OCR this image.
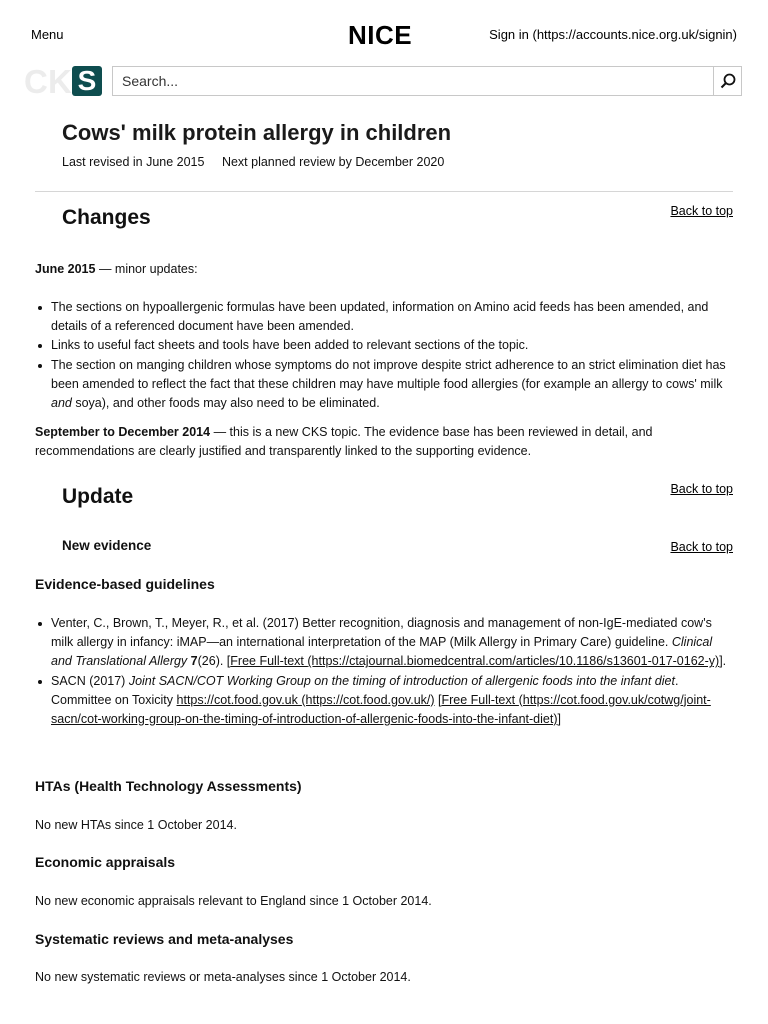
Menu	NICE	Sign in (https://accounts.nice.org.uk/signin)
C K S
Search...
Cows' milk protein allergy in children
Last revised in June 2015 Next planned review by December 2020
Changes	Back to top

June 2015 — minor updates:

The sections on hypoallergenic formulas have been updated, information on Amino acid feeds has been amended, and details of a referenced document have been amended.
Links to useful fact sheets and tools have been added to relevant sections of the topic.
The section on manging children whose symptoms do not improve despite strict adherence to an strict elimination diet has been amended to reflect the fact that these children may have multiple food allergies (for example an allergy to cows' milk and soya), and other foods may also need to be eliminated.

September to December 2014 — this is a new CKS topic. The evidence base has been reviewed in detail, and recommendations are clearly justified and transparently linked to the supporting evidence.

Update	Back to top
New evidence	Back to top
Evidence-based guidelines
Venter, C., Brown, T., Meyer, R., et al. (2017) Better recognition, diagnosis and management of non-IgE-mediated cow's milk allergy in infancy: iMAP—an international interpretation of the MAP (Milk Allergy in Primary Care) guideline. Clinical and Translational Allergy 7(26). [Free Full-text (https://ctajournal.biomedcentral.com/articles/10.1186/s13601-017-0162-y)].
SACN (2017) Joint SACN/COT Working Group on the timing of introduction of allergenic foods into the infant diet. Committee on Toxicity https://cot.food.gov.uk (https://cot.food.gov.uk/) [Free Full-text (https://cot.food.gov.uk/cotwg/joint-sacn/cot-working-group-on-the-timing-of-introduction-of-allergenic-foods-into-the-infant-diet)]
HTAs (Health Technology Assessments)

No new HTAs since 1 October 2014.

Economic appraisals

No new economic appraisals relevant to England since 1 October 2014.

Systematic reviews and meta-analyses

No new systematic reviews or meta-analyses since 1 October 2014.
